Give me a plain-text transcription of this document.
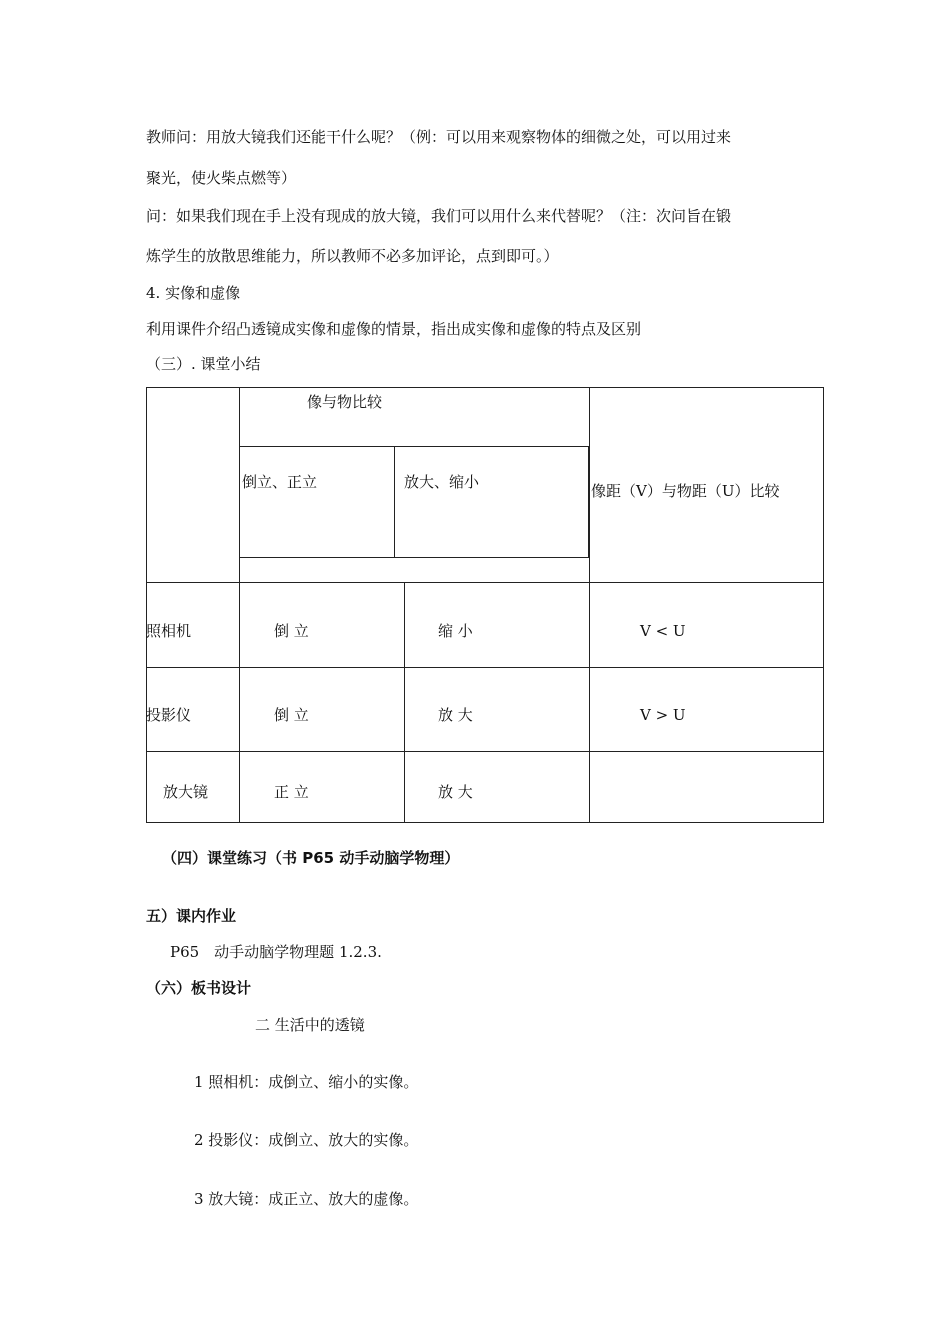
教师问：用放大镜我们还能干什么呢？（例：可以用来观察物体的细微之处，可以用过来
聚光，使火柴点燃等）
问：如果我们现在手上没有现成的放大镜，我们可以用什么来代替呢？（注：次问旨在锻
炼学生的放散思维能力，所以教师不必多加评论，点到即可。）
4. 实像和虚像
利用课件介绍凸透镜成实像和虚像的情景，指出成实像和虚像的特点及区别
（三）. 课堂小结
像与物比较
倒立、正立	放大、缩小	像距（V）与物距（U）比较
照相机	倒 立	缩 小	V < U
投影仪	倒 立	放 大	V > U
放大镜	正 立	放 大
（四）课堂练习（书 P65 动手动脑学物理）
五）课内作业
P65　动手动脑学物理题 1.2.3.
（六）板书设计
二 生活中的透镜
1 照相机：成倒立、缩小的实像。
2 投影仪：成倒立、放大的实像。
3 放大镜：成正立、放大的虚像。
